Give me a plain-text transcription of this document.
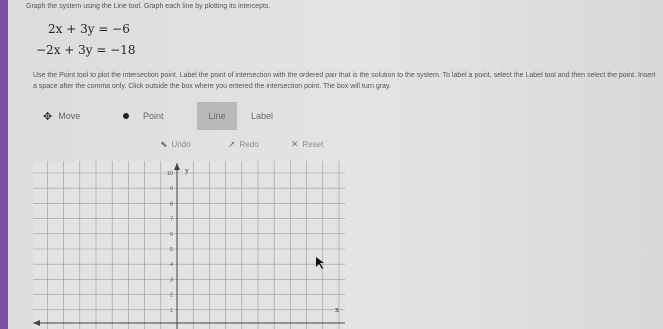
Graph the system using the Line tool. Graph each line by plotting its intercepts.
2x + 3y = −6
−2x + 3y = −18
Use the Point tool to plot the intersection point. Label the point of intersection with the ordered pair that is the solution to the system. To label a point, select the Label tool and then select the point. Insert a space after the comma only. Click outside the box where you entered the intersection point. The box will turn gray.
✥ Move	Point	Line	Label
⬉ Undo	➚ Redo	✕ Reset
y
x
10
9
8
7
6
5
4
3
2
1
